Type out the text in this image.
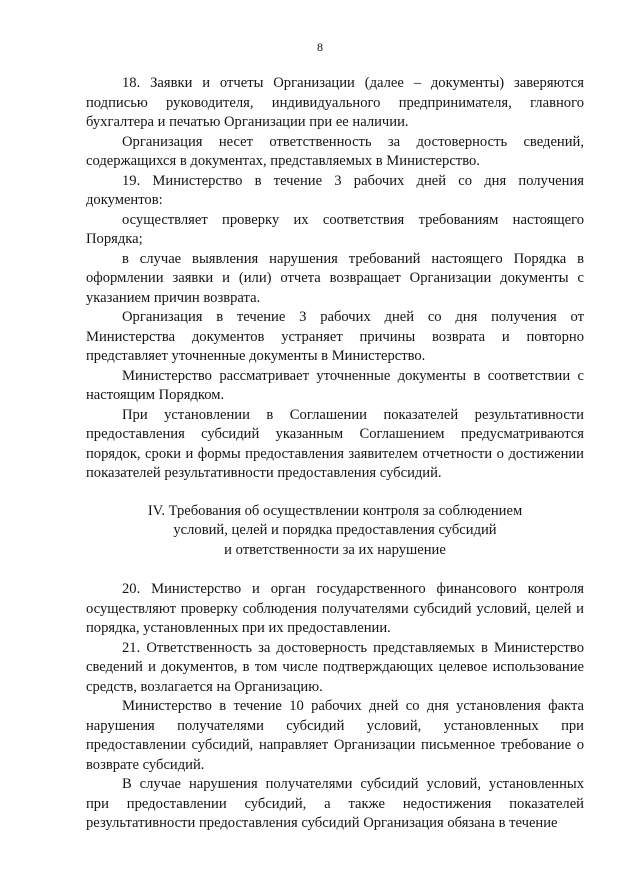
8

18. Заявки и отчеты Организации (далее – документы) заверяются подписью руководителя, индивидуального предпринимателя, главного бухгалтера и печатью Организации при ее наличии.

Организация несет ответственность за достоверность сведений, содержащихся в документах, представляемых в Министерство.

19. Министерство в течение 3 рабочих дней со дня получения документов:

осуществляет проверку их соответствия требованиям настоящего Порядка;

в случае выявления нарушения требований настоящего Порядка в оформлении заявки и (или) отчета возвращает Организации документы с указанием причин возврата.

Организация в течение 3 рабочих дней со дня получения от Министерства документов устраняет причины возврата и повторно представляет уточненные документы в Министерство.

Министерство рассматривает уточненные документы в соответствии с настоящим Порядком.

При установлении в Соглашении показателей результативности предоставления субсидий указанным Соглашением предусматриваются порядок, сроки и формы предоставления заявителем отчетности о достижении показателей результативности предоставления субсидий.

IV. Требования об осуществлении контроля за соблюдением
условий, целей и порядка предоставления субсидий
и ответственности за их нарушение

20. Министерство и орган государственного финансового контроля осуществляют проверку соблюдения получателями субсидий условий, целей и порядка, установленных при их предоставлении.

21. Ответственность за достоверность представляемых в Министерство сведений и документов, в том числе подтверждающих целевое использование средств, возлагается на Организацию.

Министерство в течение 10 рабочих дней со дня установления факта нарушения получателями субсидий условий, установленных при предоставлении субсидий, направляет Организации письменное требование о возврате субсидий.

В случае нарушения получателями субсидий условий, установленных при предоставлении субсидий, а также недостижения показателей результативности предоставления субсидий Организация обязана в течение
